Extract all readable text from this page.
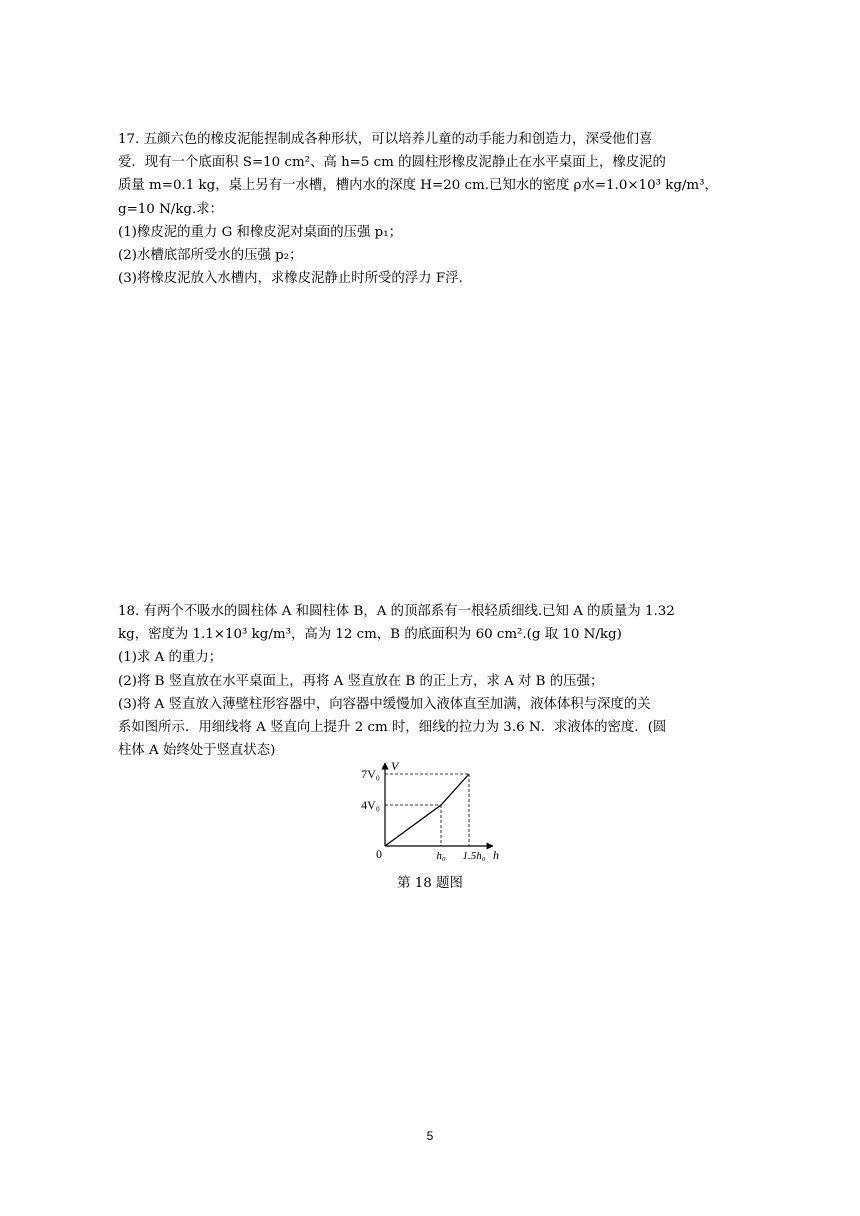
17. 五颜六色的橡皮泥能捏制成各种形状，可以培养儿童的动手能力和创造力，深受他们喜

爱．现有一个底面积 S=10 cm²、高 h=5 cm 的圆柱形橡皮泥静止在水平桌面上，橡皮泥的

质量 m=0.1 kg，桌上另有一水槽，槽内水的深度 H=20 cm.已知水的密度 ρ水=1.0×10³ kg/m³，

g=10 N/kg.求：

(1)橡皮泥的重力 G 和橡皮泥对桌面的压强 p₁；

(2)水槽底部所受水的压强 p₂；

(3)将橡皮泥放入水槽内，求橡皮泥静止时所受的浮力 F浮.

18. 有两个不吸水的圆柱体 A 和圆柱体 B，A 的顶部系有一根轻质细线.已知 A 的质量为 1.32

kg，密度为 1.1×10³ kg/m³，高为 12 cm，B 的底面积为 60 cm².(g 取 10 N/kg)

(1)求 A 的重力；

(2)将 B 竖直放在水平桌面上，再将 A 竖直放在 B 的正上方，求 A 对 B 的压强；

(3)将 A 竖直放入薄壁柱形容器中，向容器中缓慢加入液体直至加满，液体体积与深度的关

系如图所示．用细线将 A 竖直向上提升 2 cm 时，细线的拉力为 3.6 N．求液体的密度．(圆

柱体 A 始终处于竖直状态)

7V₀
4V₀
V
0	h₀ 1.5h₀ h
第 18 题图
5
